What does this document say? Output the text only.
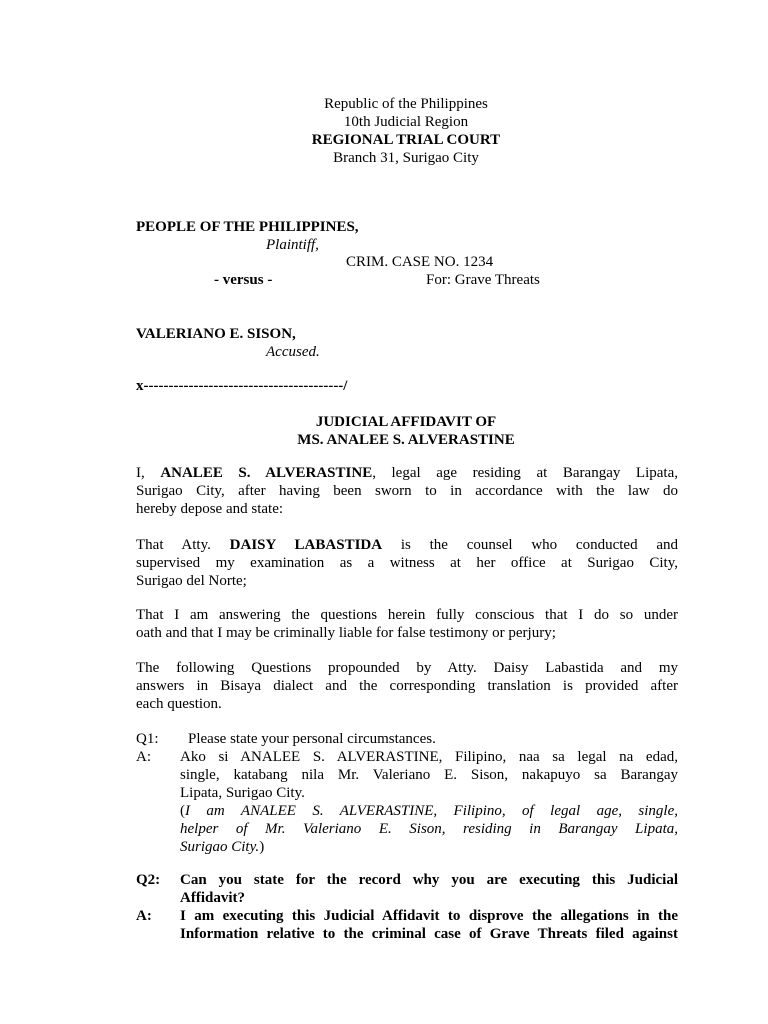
Republic of the Philippines
10th Judicial Region
REGIONAL TRIAL COURT
Branch 31, Surigao City
PEOPLE OF THE PHILIPPINES,
Plaintiff,
CRIM. CASE NO. 1234
- versus -	For: Grave Threats
VALERIANO E. SISON,
Accused.
x----------------------------------------/
JUDICIAL AFFIDAVIT OF
MS. ANALEE S. ALVERASTINE
I, ANALEE S. ALVERASTINE, legal age residing at Barangay Lipata,
Surigao City, after having been sworn to in accordance with the law do
hereby depose and state:
That Atty. DAISY LABASTIDA is the counsel who conducted and
supervised my examination as a witness at her office at Surigao City,
Surigao del Norte;
That I am answering the questions herein fully conscious that I do so under
oath and that I may be criminally liable for false testimony or perjury;
The following Questions propounded by Atty. Daisy Labastida and my
answers in Bisaya dialect and the corresponding translation is provided after
each question.
Q1: Please state your personal circumstances.
A: Ako si ANALEE S. ALVERASTINE, Filipino, naa sa legal na edad,
single, katabang nila Mr. Valeriano E. Sison, nakapuyo sa Barangay
Lipata, Surigao City.
(I am ANALEE S. ALVERASTINE, Filipino, of legal age, single,
helper of Mr. Valeriano E. Sison, residing in Barangay Lipata,
Surigao City.)
Q2: Can you state for the record why you are executing this Judicial
Affidavit?
A: I am executing this Judicial Affidavit to disprove the allegations in the
Information relative to the criminal case of Grave Threats filed against
